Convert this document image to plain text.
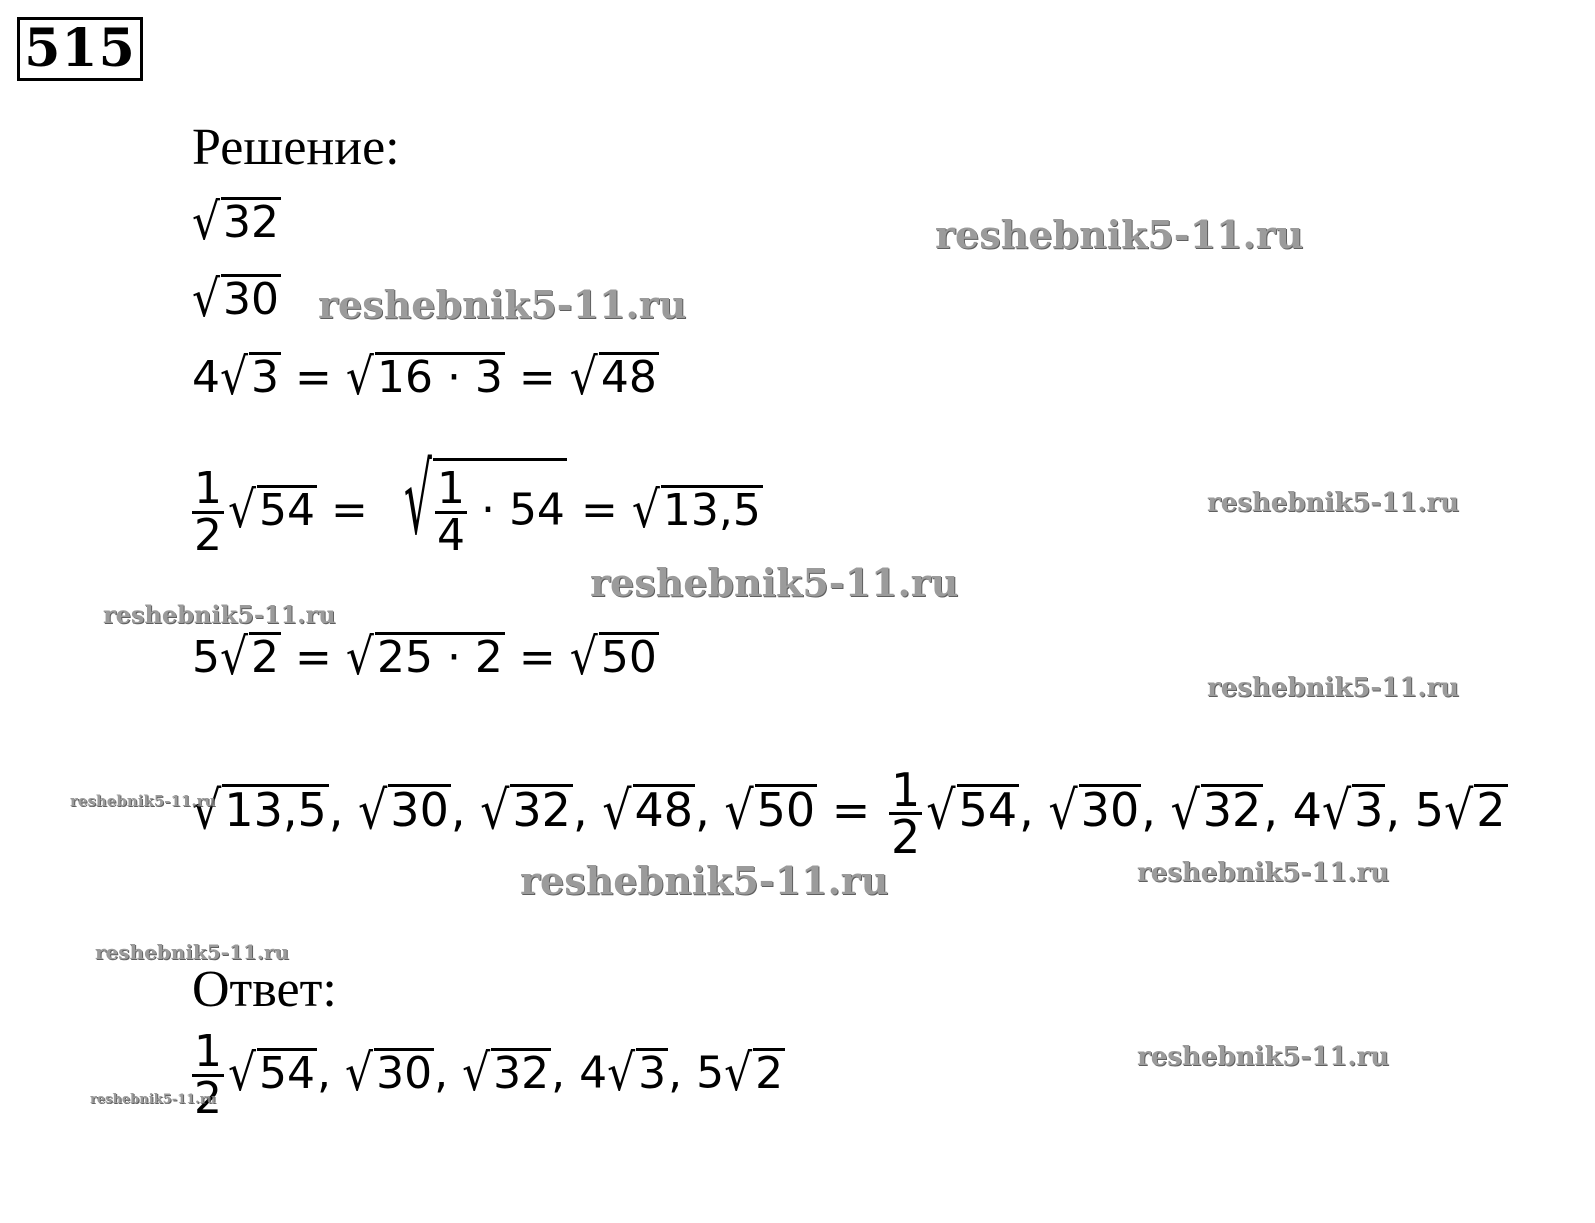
515
Решение:
√32
√30
4√3 = √16 · 3 = √48
$\frac{1}{2} √54$ = √ $\frac{1}{4} \cdot 54 = √13,5$
5√2 = √25 · 2 = √50
√13,5, √30, √32, √48, $√50 = \frac{1}{2} √54$, √30, √32, 4√3, 5√2
Ответ:
$\frac{1}{2} √54$, √30, √32, 4√3, 5√2
reshebnik5-11.ru
reshebnik5-11.ru
reshebnik5-11.ru
reshebnik5-11.ru
reshebnik5-11.ru
reshebnik5-11.ru
reshebnik5-11.ru
reshebnik5-11.ru	reshebnik5-11.ru
reshebnik5-11.ru
reshebnik5-11.ru
reshebnik5-11.ru
